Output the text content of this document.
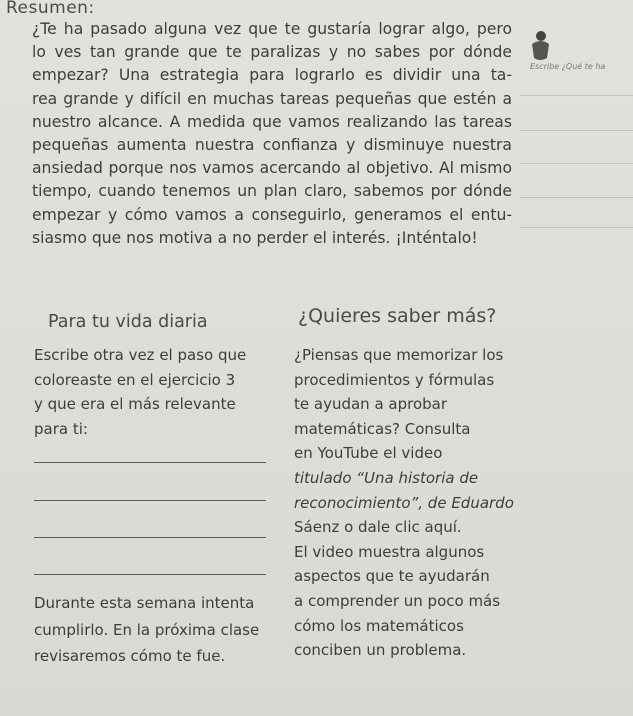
Resumen:
¿Te ha pasado alguna vez que te gustaría lograr algo, pero
lo ves tan grande que te paralizas y no sabes por dónde
empezar? Una estrategia para lograrlo es dividir una ta-
rea grande y difícil en muchas tareas pequeñas que estén a
nuestro alcance. A medida que vamos realizando las tareas
pequeñas aumenta nuestra confianza y disminuye nuestra
ansiedad porque nos vamos acercando al objetivo. Al mismo
tiempo, cuando tenemos un plan claro, sabemos por dónde
empezar y cómo vamos a conseguirlo, generamos el entu-
siasmo que nos motiva a no perder el interés. ¡Inténtalo!
Escribe ¿Qué te ha
Para tu vida diaria
Escribe otra vez el paso que
coloreaste en el ejercicio 3
y que era el más relevante
para ti:
Durante esta semana intenta
cumplirlo. En la próxima clase
revisaremos cómo te fue.
¿Quieres saber más?
¿Piensas que memorizar los
procedimientos y fórmulas
te ayudan a aprobar
matemáticas? Consulta
en YouTube el video
titulado “Una historia de
reconocimiento”, de Eduardo
Sáenz o dale clic aquí.
El video muestra algunos
aspectos que te ayudarán
a comprender un poco más
cómo los matemáticos
conciben un problema.
